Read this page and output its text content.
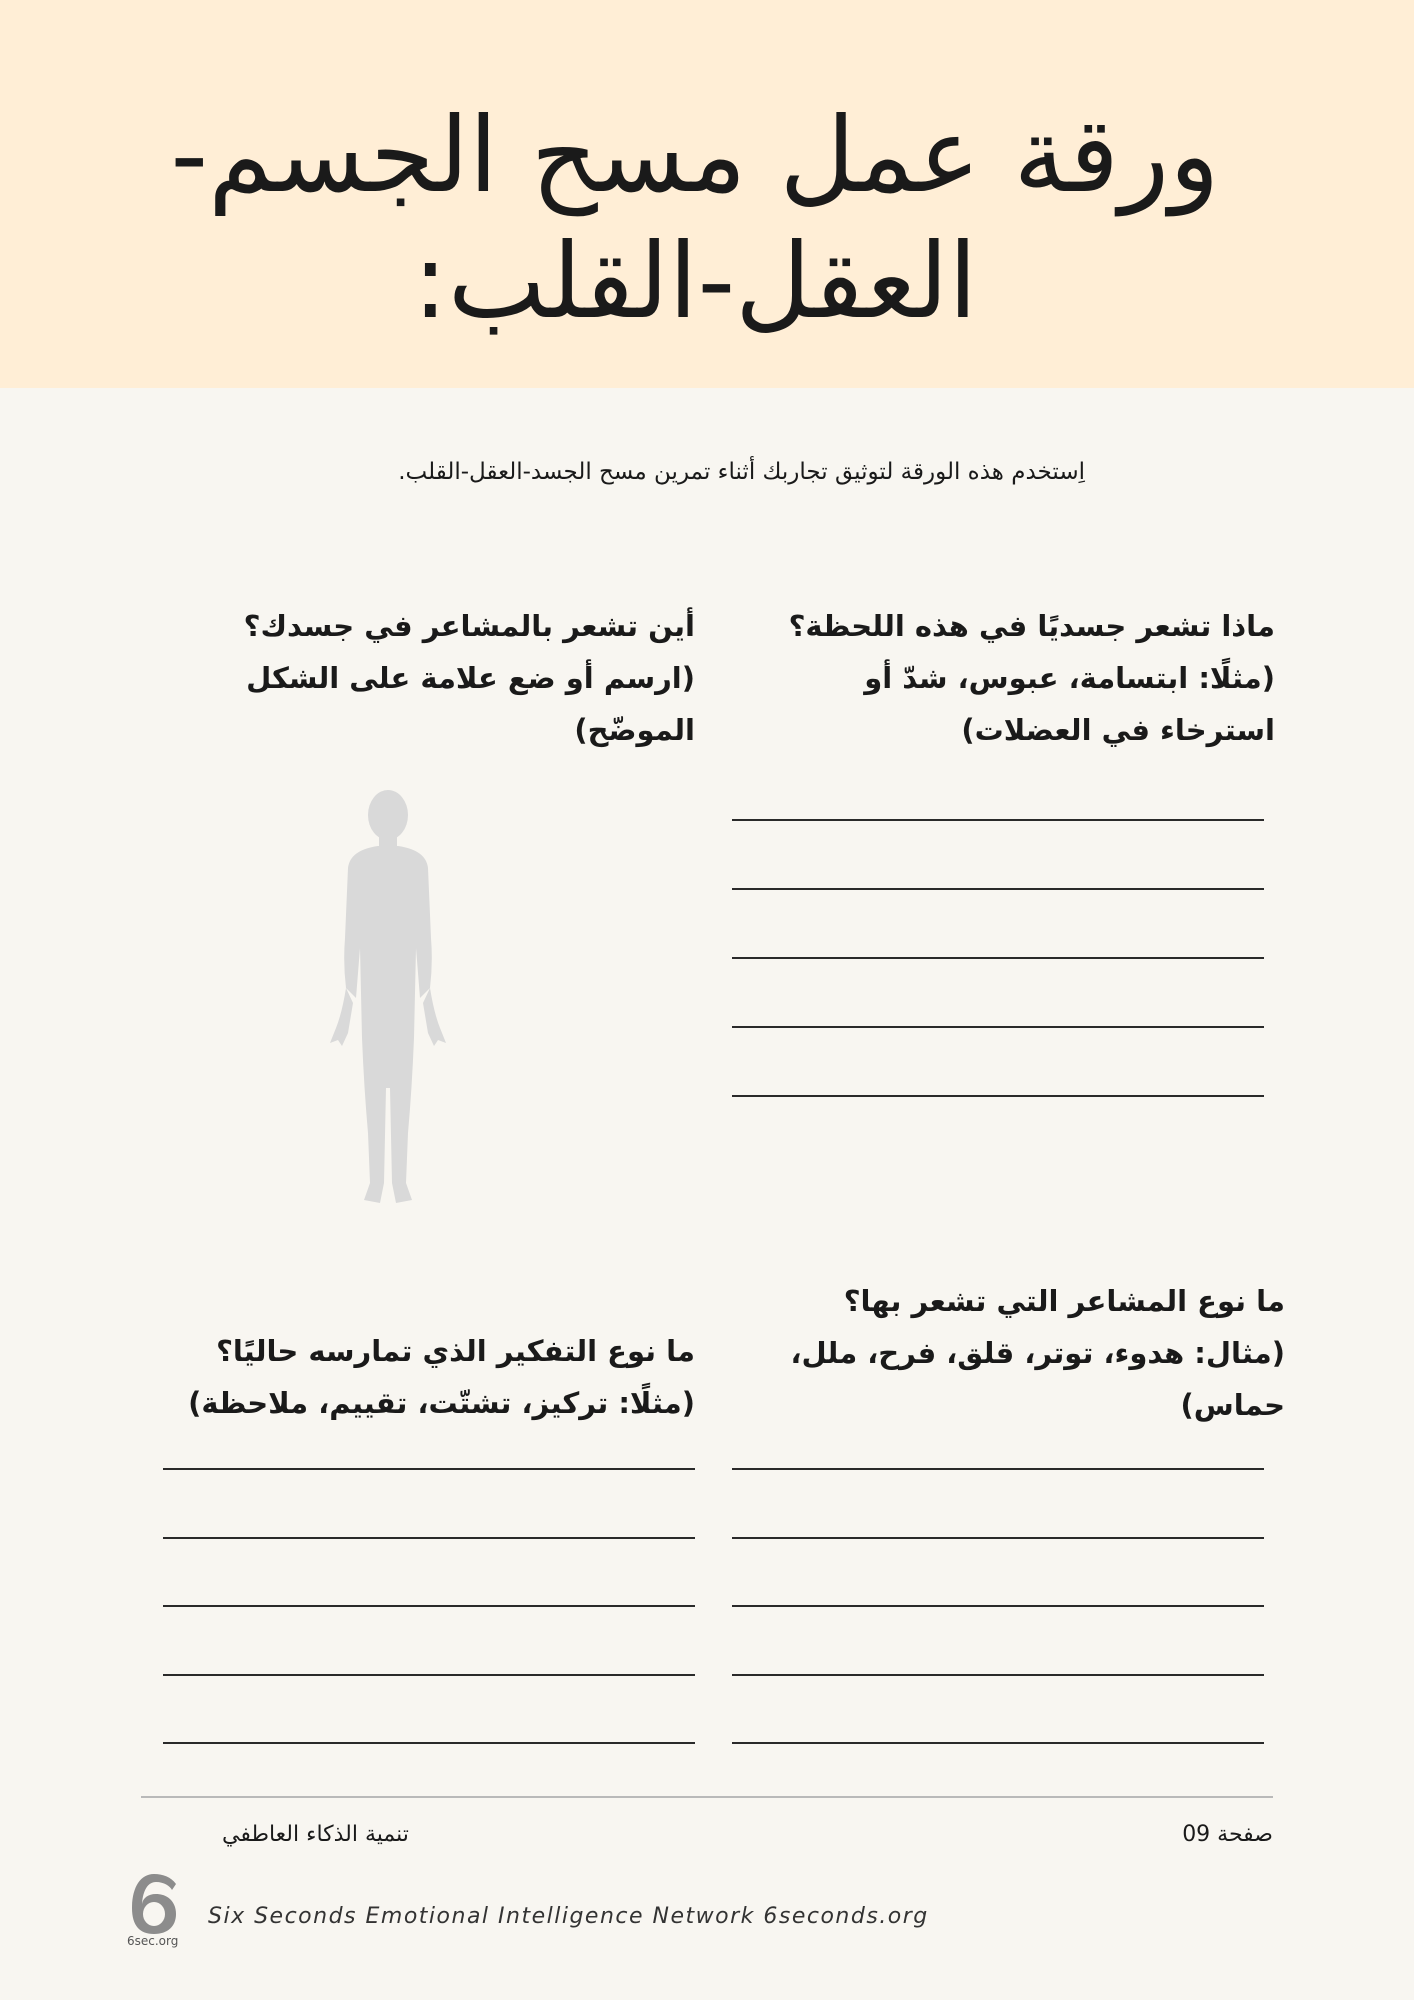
ورقة عمل مسح الجسم-
العقل-القلب:
اِستخدم هذه الورقة لتوثيق تجاربك أثناء تمرين مسح الجسد-العقل-القلب.
ماذا تشعر جسديًا في هذه اللحظة؟
(مثلًا: ابتسامة، عبوس، شدّ أو استرخاء في العضلات)
أين تشعر بالمشاعر في جسدك؟
(ارسم أو ضع علامة على الشكل الموضّح)
ما نوع المشاعر التي تشعر بها؟
(مثال: هدوء، توتر، قلق، فرح، ملل، حماس)
ما نوع التفكير الذي تمارسه حاليًا؟
(مثلًا: تركيز، تشتّت، تقييم، ملاحظة)
صفحة 09
تنمية الذكاء العاطفي
6sec.org
Six Seconds Emotional Intelligence Network 6seconds.org
